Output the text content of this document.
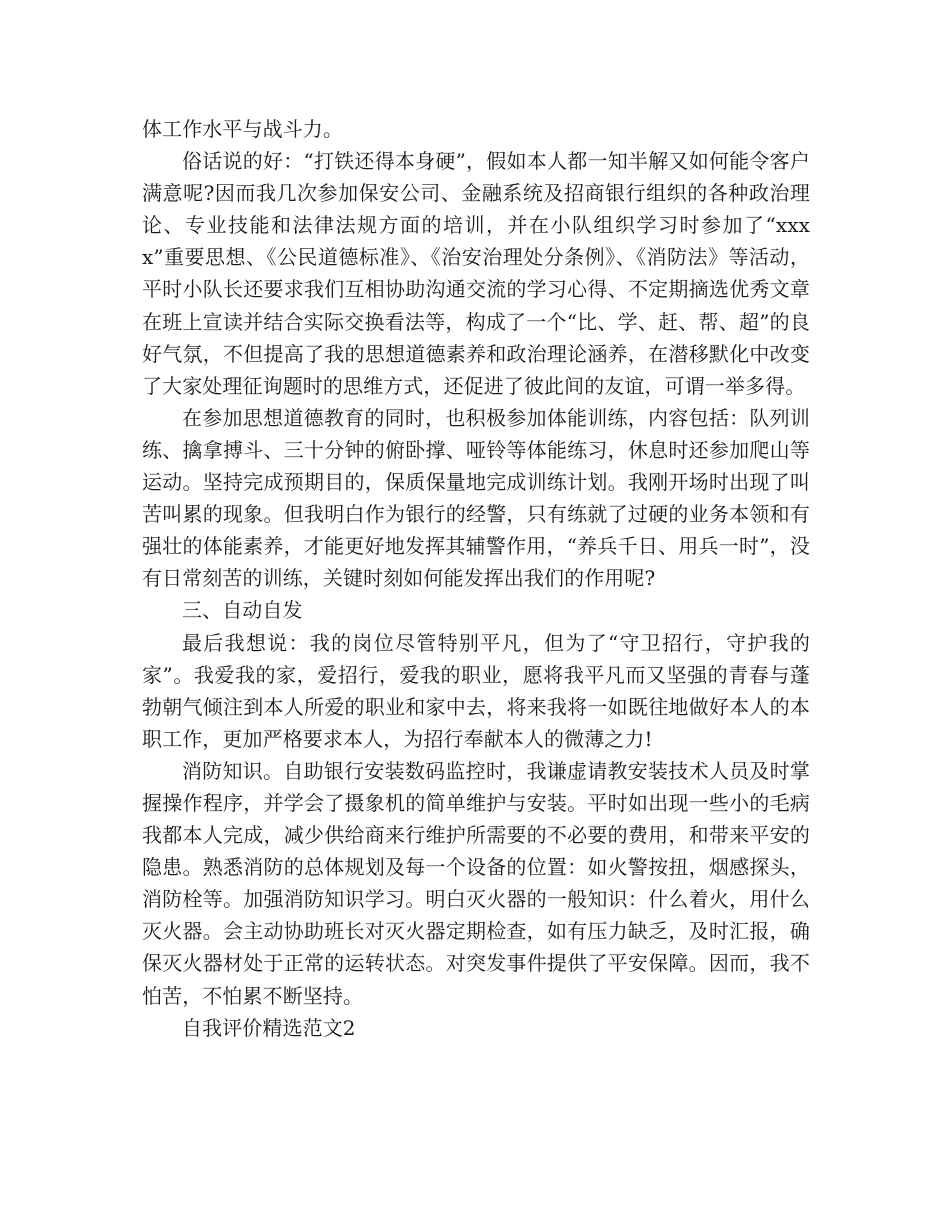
体工作水平与战斗力。

俗话说的好：“打铁还得本身硬”，假如本人都一知半解又如何能令客户满意呢?因而我几次参加保安公司、金融系统及招商银行组织的各种政治理论、专业技能和法律法规方面的培训，并在小队组织学习时参加了“xxxx”重要思想、《公民道德标准》、《治安治理处分条例》、《消防法》等活动，平时小队长还要求我们互相协助沟通交流的学习心得、不定期摘选优秀文章在班上宣读并结合实际交换看法等，构成了一个“比、学、赶、帮、超”的良好气氛，不但提高了我的思想道德素养和政治理论涵养，在潜移默化中改变了大家处理征询题时的思维方式，还促进了彼此间的友谊，可谓一举多得。

在参加思想道德教育的同时，也积极参加体能训练，内容包括：队列训练、擒拿搏斗、三十分钟的俯卧撑、哑铃等体能练习，休息时还参加爬山等运动。坚持完成预期目的，保质保量地完成训练计划。我刚开场时出现了叫苦叫累的现象。但我明白作为银行的经警，只有练就了过硬的业务本领和有强壮的体能素养，才能更好地发挥其辅警作用，“养兵千日、用兵一时”，没有日常刻苦的训练，关键时刻如何能发挥出我们的作用呢?

三、自动自发

最后我想说：我的岗位尽管特别平凡，但为了“守卫招行，守护我的家”。我爱我的家，爱招行，爱我的职业，愿将我平凡而又坚强的青春与蓬勃朝气倾注到本人所爱的职业和家中去，将来我将一如既往地做好本人的本职工作，更加严格要求本人，为招行奉献本人的微薄之力!

消防知识。自助银行安装数码监控时，我谦虚请教安装技术人员及时掌握操作程序，并学会了摄象机的简单维护与安装。平时如出现一些小的毛病我都本人完成，减少供给商来行维护所需要的不必要的费用，和带来平安的隐患。熟悉消防的总体规划及每一个设备的位置：如火警按扭，烟感探头，消防栓等。加强消防知识学习。明白灭火器的一般知识：什么着火，用什么灭火器。会主动协助班长对灭火器定期检查，如有压力缺乏，及时汇报，确保灭火器材处于正常的运转状态。对突发事件提供了平安保障。因而，我不怕苦，不怕累不断坚持。

自我评价精选范文2
